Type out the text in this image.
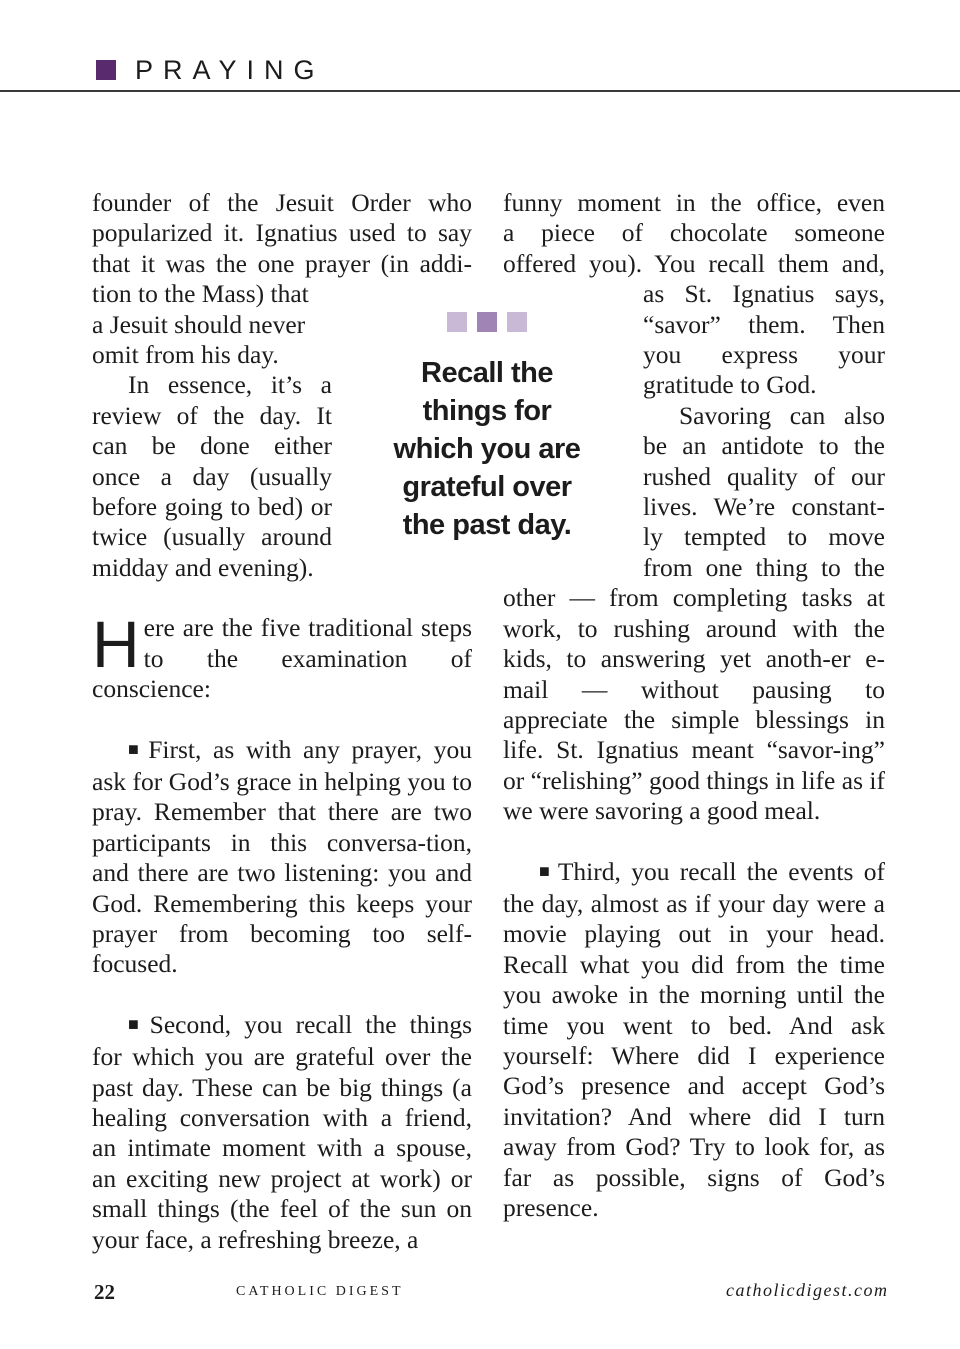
PRAYING

founder of the Jesuit Order who

popularized it. Ignatius used to say

that it was the one prayer (in addi-

tion to the Mass) that

a Jesuit should never

omit from his day.

In essence, it’s a

review of the day. It

can be done either

once a day (usually

before going to bed) or

twice (usually around

midday and evening).

Here are the five traditional steps to the examination of conscience:

■ First, as with any prayer, you ask for God’s grace in helping you to pray. Remember that there are two participants in this conversa-tion, and there are two listening: you and God. Remembering this keeps your prayer from becoming too self-focused.

■ Second, you recall the things for which you are grateful over the past day. These can be big things (a healing conversation with a friend, an intimate moment with a spouse, an exciting new project at work) or small things (the feel of the sun on your face, a refreshing breeze, a

Recall the
things for
which you are
grateful over
the past day.

funny moment in the office, even

a piece of chocolate someone

offered you). You recall them and,

as St. Ignatius says,

“savor” them. Then

you express your

gratitude to God.

Savoring can also

be an antidote to the

rushed quality of our

lives. We’re constant-

ly tempted to move

from one thing to the

other — from completing tasks at work, to rushing around with the kids, to answering yet anoth-er e-mail — without pausing to appreciate the simple blessings in life. St. Ignatius meant “savor-ing” or “relishing” good things in life as if we were savoring a good meal.

■ Third, you recall the events of the day, almost as if your day were a movie playing out in your head. Recall what you did from the time you awoke in the morning until the time you went to bed. And ask yourself: Where did I experience God’s presence and accept God’s invitation? And where did I turn away from God? Try to look for, as far as possible, signs of God’s presence.

22	CATHOLIC DIGEST	catholicdigest.com
